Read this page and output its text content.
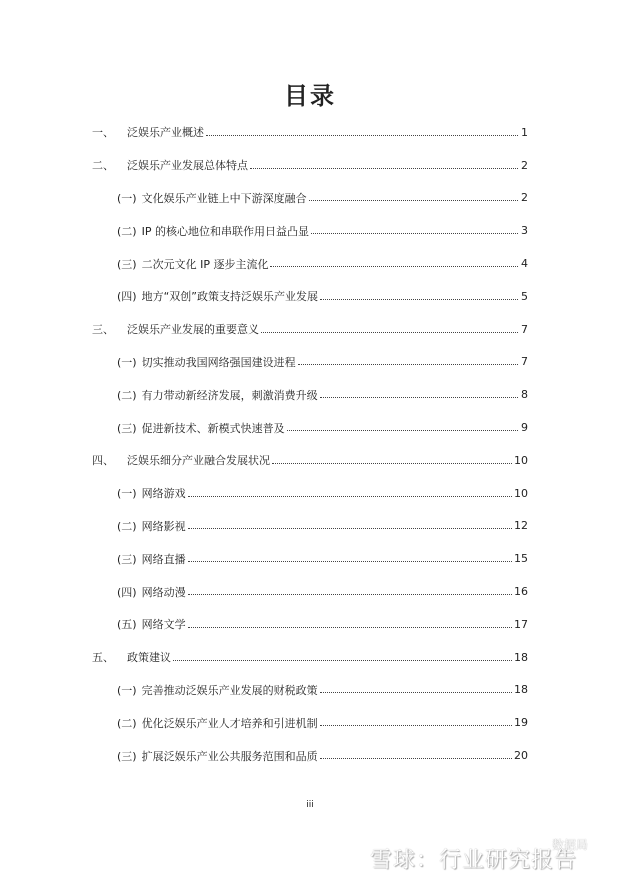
目录
一、	泛娱乐产业概述	1
二、	泛娱乐产业发展总体特点	2
(一) 文化娱乐产业链上中下游深度融合	2
(二) IP 的核心地位和串联作用日益凸显	3
(三) 二次元文化 IP 逐步主流化	4
(四) 地方“双创”政策支持泛娱乐产业发展	5
三、	泛娱乐产业发展的重要意义	7
(一) 切实推动我国网络强国建设进程	7
(二) 有力带动新经济发展，刺激消费升级	8
(三) 促进新技术、新模式快速普及	9
四、	泛娱乐细分产业融合发展状况	10
(一) 网络游戏	10
(二) 网络影视	12
(三) 网络直播	15
(四) 网络动漫	16
(五) 网络文学	17
五、	政策建议	18
(一) 完善推动泛娱乐产业发展的财税政策	18
(二) 优化泛娱乐产业人才培养和引进机制	19
(三) 扩展泛娱乐产业公共服务范围和品质	20
iii
雪球：行业研究报告
数据局
